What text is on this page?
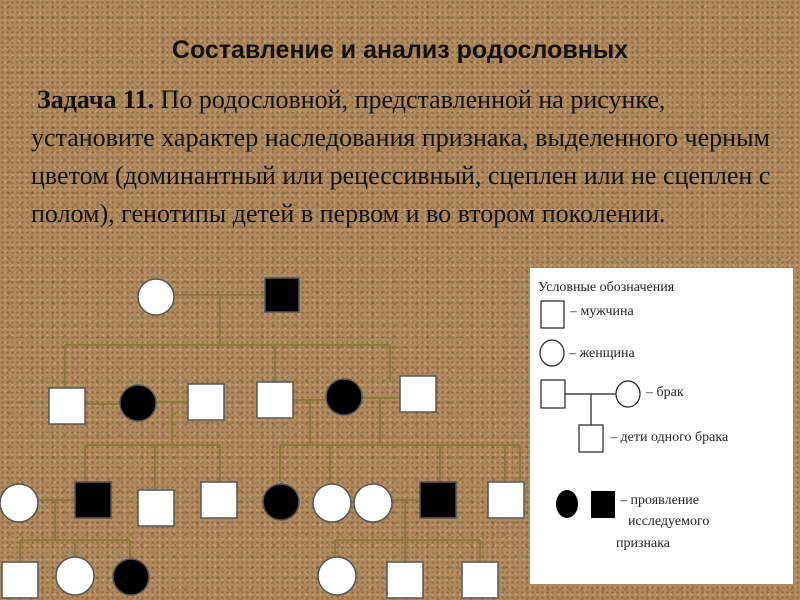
Составление и анализ родословных
Задача 11. По родословной, представленной на рисунке, установите характер наследования признака, выделенного черным цветом (доминантный или рецессивный, сцеплен или не сцеплен с полом), генотипы детей в первом и во втором поколении.
Условные обозначения
– мужчина
– женщина
– брак
– дети одного брака
– проявление
исследуемого
признака
